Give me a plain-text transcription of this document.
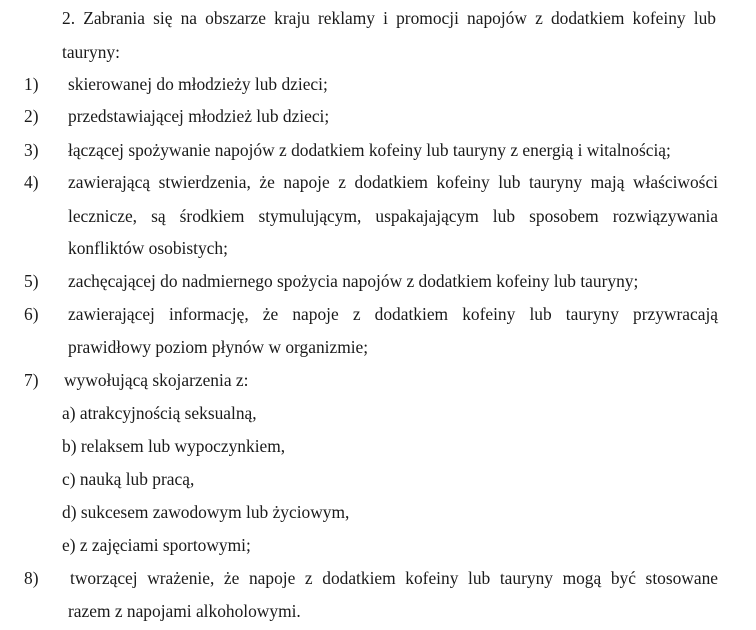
2. Zabrania się na obszarze kraju reklamy i promocji napojów z dodatkiem kofeiny lub
tauryny:
1) skierowanej do młodzieży lub dzieci;
2) przedstawiającej młodzież lub dzieci;
3) łączącej spożywanie napojów z dodatkiem kofeiny lub tauryny z energią i witalnością;
4) zawierającą stwierdzenia, że napoje z dodatkiem kofeiny lub tauryny mają właściwości
lecznicze, są środkiem stymulującym, uspakajającym lub sposobem rozwiązywania
konfliktów osobistych;
5) zachęcającej do nadmiernego spożycia napojów z dodatkiem kofeiny lub tauryny;
6) zawierającej informację, że napoje z dodatkiem kofeiny lub tauryny przywracają
prawidłowy poziom płynów w organizmie;
7) wywołującą skojarzenia z:
a) atrakcyjnością seksualną,
b) relaksem lub wypoczynkiem,
c) nauką lub pracą,
d) sukcesem zawodowym lub życiowym,
e) z zajęciami sportowymi;
8) tworzącej wrażenie, że napoje z dodatkiem kofeiny lub tauryny mogą być stosowane
razem z napojami alkoholowymi.
